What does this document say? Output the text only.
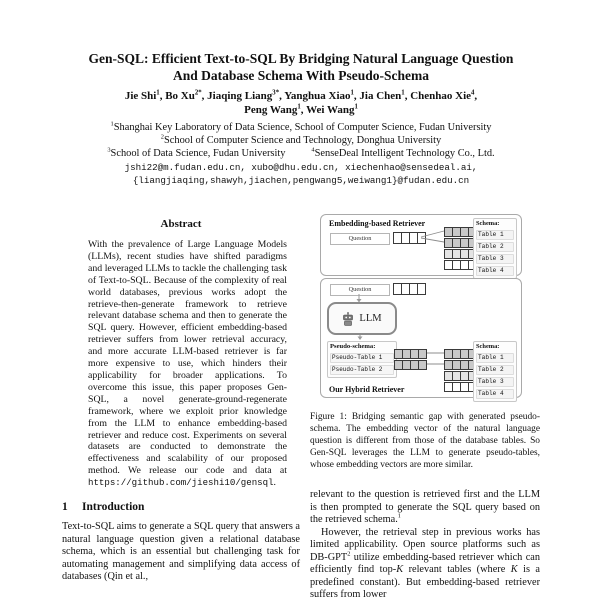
Gen-SQL: Efficient Text-to-SQL By Bridging Natural Language Question
And Database Schema With Pseudo-Schema
Jie Shi$^1$, Bo $Xu^{2*}$, Jiaqing Liang$^{3*}$, Yanghua Xiao$^1$, Jia Chen$^1$, Chenhao Xie$^4$,
Peng Wang$^1$, Wei Wang$^1$
$^1$Shanghai Key Laboratory of Data Science, School of Computer Science, Fudan University
$^2$School of Computer Science and Technology, Donghua University
$^3$School of Data Science, Fudan University	$^4$SenseDeal Intelligent Technology Co., Ltd.
jshi22@m.fudan.edu.cn, xubo@dhu.edu.cn, xiechenhao@sensedeal.ai,
{liangjiaqing,shawyh,jiachen,pengwang5,weiwang1}@fudan.edu.cn
Abstract

With the prevalence of Large Language Models (LLMs), recent studies have shifted paradigms and leveraged LLMs to tackle the challenging task of Text-to-SQL. Because of the complexity of real world databases, previous works adopt the retrieve-then-generate framework to retrieve relevant database schema and then to generate the SQL query. However, efficient embedding-based retriever suffers from lower retrieval accuracy, and more accurate LLM-based retriever is far more expensive to use, which hinders their applicability for broader applications. To overcome this issue, this paper proposes Gen-SQL, a novel generate-ground-regenerate framework, where we exploit prior knowledge from the LLM to enhance embedding-based retriever and reduce cost. Experiments on several datasets are conducted to demonstrate the effectiveness and scalability of our proposed method. We release our code and data at https://github.com/jieshi10/gensql.

1 Introduction

Text-to-SQL aims to generate a SQL query that answers a natural language question given a relational database schema, which is an essential but challenging task for automating management and simplifying data access of databases (Qin et al.,

Embedding-based Retriever
Question
Schema:
Table 1
Table 2
Table 3
Table 4
Question
LLM
Pseudo-schema:
Pseudo-Table 1
Pseudo-Table 2
Schema:
Table 1
Table 2
Table 3
Table 4
Our Hybrid Retriever

Figure 1: Bridging semantic gap with generated pseudo-schema. The embedding vector of the natural language question is different from those of the database tables. So Gen-SQL leverages the LLM to generate pseudo-tables, whose embedding vectors are more similar.

relevant to the question is retrieved first and the LLM is then prompted to generate the SQL query based on the retrieved schema.$^1$

However, the retrieval step in previous works has limited applicability. Open source platforms such as DB-GPT$^2$ utilize embedding-based retriever which can efficiently find top-K relevant tables (where K is a predefined constant). But embedding-based retriever suffers from lower
